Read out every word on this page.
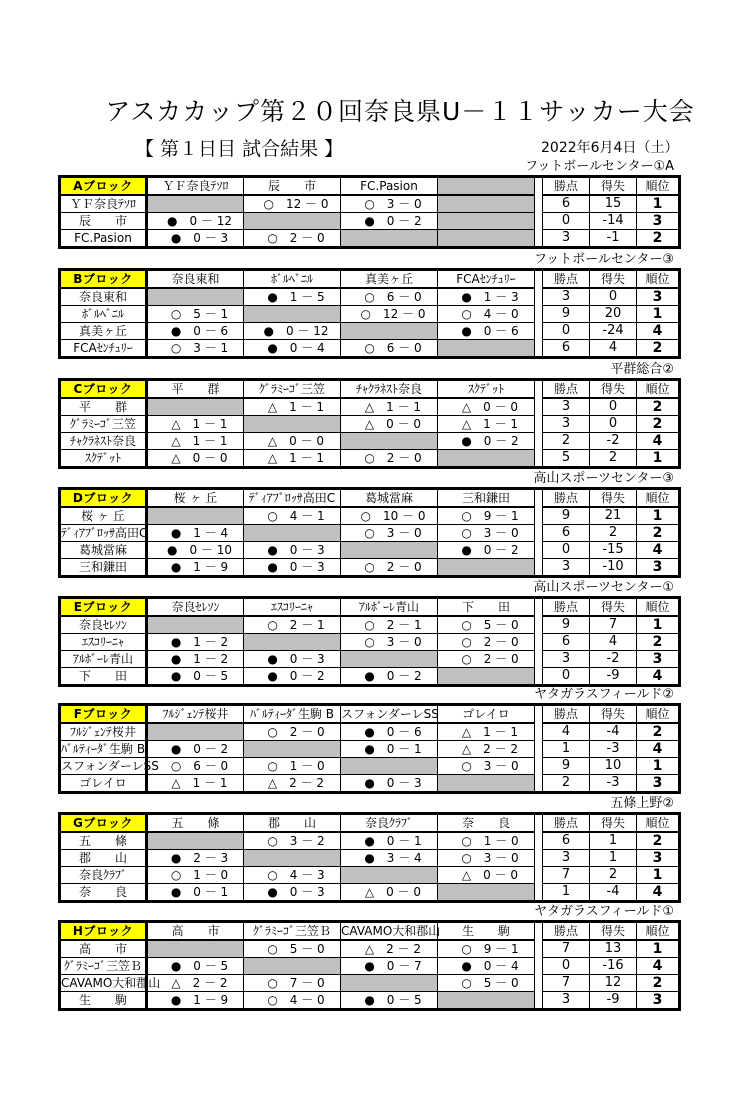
アスカカップ第２０回奈良県U－１１サッカー大会
【 第１日目 試合結果 】	2022年6月4日（土）
フットボールセンター①A
Aブロック	ＹＦ奈良ﾃｿﾛ	辰　　市	FC.Pasion			勝点	得失	順位
ＹＦ奈良ﾃｿﾛ		○　12 － 0	○　3 － 0			6	15	1
辰　　市	●　0 － 12		●　0 － 2			0	-14	3
FC.Pasion	●　0 － 3	○　2 － 0				3	-1	2
フットボールセンター③
Bブロック	奈良東和	ﾎﾞﾙﾍﾞﾆﾙ	真美ヶ丘	FCAｾﾝﾁｭﾘｰ		勝点	得失	順位
奈良東和		●　1 － 5	○　6 － 0	●　1 － 3		3	0	3
ﾎﾞﾙﾍﾞﾆﾙ	○　5 － 1		○　12 － 0	○　4 － 0		9	20	1
真美ヶ丘	●　0 － 6	●　0 － 12		●　0 － 6		0	-24	4
FCAｾﾝﾁｭﾘｰ	○　3 － 1	●　0 － 4	○　6 － 0			6	4	2
平群総合②
Cブロック	平　　群	ｸﾞﾗﾐｰｺﾞ三笠	ﾁｬｸﾗﾈｽﾄ奈良	ｽｸﾃﾞｯﾄ		勝点	得失	順位
平　　群		△　1 － 1	△　1 － 1	△　0 － 0		3	0	2
ｸﾞﾗﾐｰｺﾞ三笠	△　1 － 1		△　0 － 0	△　1 － 1		3	0	2
ﾁｬｸﾗﾈｽﾄ奈良	△　1 － 1	△　0 － 0		●　0 － 2		2	-2	4
ｽｸﾃﾞｯﾄ	△　0 － 0	△　1 － 1	○　2 － 0			5	2	1
高山スポーツセンター③
Dブロック	桜 ヶ 丘	ﾃﾞｨｱﾌﾞﾛｯｻ高田C	葛城當麻	三和鎌田		勝点	得失	順位
桜 ヶ 丘		○　4 － 1	○　10 － 0	○　9 － 1		9	21	1
ﾃﾞｨｱﾌﾞﾛｯｻ高田C	●　1 － 4		○　3 － 0	○　3 － 0		6	2	2
葛城當麻	●　0 － 10	●　0 － 3		●　0 － 2		0	-15	4
三和鎌田	●　1 － 9	●　0 － 3	○　2 － 0			3	-10	3
高山スポーツセンター①
Eブロック	奈良ｾﾚｿﾝ	ｴｽｺﾘｰﾆｬ	ｱﾙﾎﾞｰﾚ青山	下　　田		勝点	得失	順位
奈良ｾﾚｿﾝ		○　2 － 1	○　2 － 1	○　5 － 0		9	7	1
ｴｽｺﾘｰﾆｬ	●　1 － 2		○　3 － 0	○　2 － 0		6	4	2
ｱﾙﾎﾞｰﾚ青山	●　1 － 2	●　0 － 3		○　2 － 0		3	-2	3
下　　田	●　0 － 5	●　0 － 2	●　0 － 2			0	-9	4
ヤタガラスフィールド②
Fブロック	ﾌﾙｼﾞｪﾝﾃ桜井	ﾊﾞﾙﾃｨｰﾀﾞ生駒 B	スフォンダーレSS	ゴレイロ		勝点	得失	順位
ﾌﾙｼﾞｪﾝﾃ桜井		○　2 － 0	●　0 － 6	△　1 － 1		4	-4	2
ﾊﾞﾙﾃｨｰﾀﾞ生駒 B	●　0 － 2		●　0 － 1	△　2 － 2		1	-3	4
スフォンダーレSS	○　6 － 0	○　1 － 0		○　3 － 0		9	10	1
ゴレイロ	△　1 － 1	△　2 － 2	●　0 － 3			2	-3	3
五條上野②
Gブロック	五　　條	郡　　山	奈良ｸﾗﾌﾞ	奈　　良		勝点	得失	順位
五　　條		○　3 － 2	●　0 － 1	○　1 － 0		6	1	2
郡　　山	●　2 － 3		●　3 － 4	○　3 － 0		3	1	3
奈良ｸﾗﾌﾞ	○　1 － 0	○　4 － 3		△　0 － 0		7	2	1
奈　　良	●　0 － 1	●　0 － 3	△　0 － 0			1	-4	4
ヤタガラスフィールド①
Hブロック	高　　市	ｸﾞﾗﾐｰｺﾞ三笠Ｂ	CAVAMO大和郡山	生　　駒		勝点	得失	順位
高　　市		○　5 － 0	△　2 － 2	○　9 － 1		7	13	1
ｸﾞﾗﾐｰｺﾞ三笠Ｂ	●　0 － 5		●　0 － 7	●　0 － 4		0	-16	4
CAVAMO大和郡山	△　2 － 2	○　7 － 0		○　5 － 0		7	12	2
生　　駒	●　1 － 9	○　4 － 0	●　0 － 5			3	-9	3
